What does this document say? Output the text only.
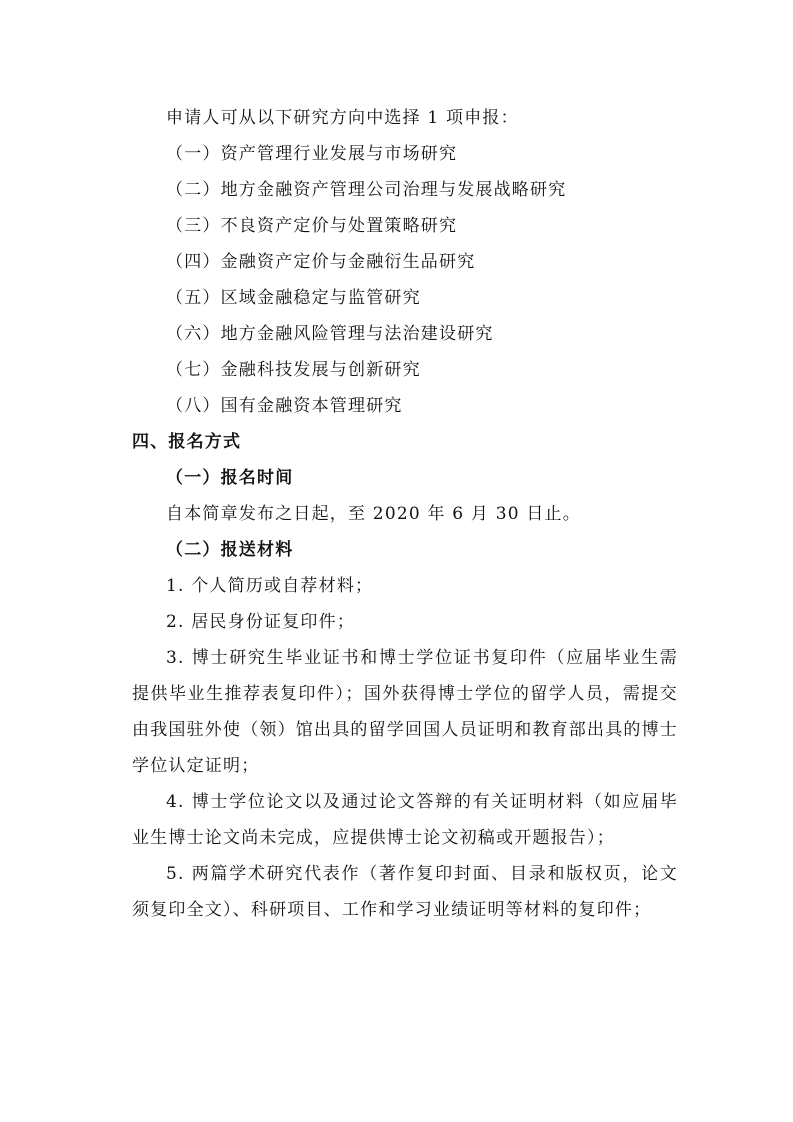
申请人可从以下研究方向中选择 1 项申报：
（一）资产管理行业发展与市场研究
（二）地方金融资产管理公司治理与发展战略研究
（三）不良资产定价与处置策略研究
（四）金融资产定价与金融衍生品研究
（五）区域金融稳定与监管研究
（六）地方金融风险管理与法治建设研究
（七）金融科技发展与创新研究
（八）国有金融资本管理研究
四、报名方式
（一）报名时间
自本简章发布之日起，至 2020 年 6 月 30 日止。
（二）报送材料
1. 个人简历或自荐材料；
2. 居民身份证复印件；
3. 博士研究生毕业证书和博士学位证书复印件（应届毕业生需提供毕业生推荐表复印件）；国外获得博士学位的留学人员，需提交由我国驻外使（领）馆出具的留学回国人员证明和教育部出具的博士学位认定证明；
4. 博士学位论文以及通过论文答辩的有关证明材料（如应届毕业生博士论文尚未完成，应提供博士论文初稿或开题报告）；
5. 两篇学术研究代表作（著作复印封面、目录和版权页，论文须复印全文）、科研项目、工作和学习业绩证明等材料的复印件；
